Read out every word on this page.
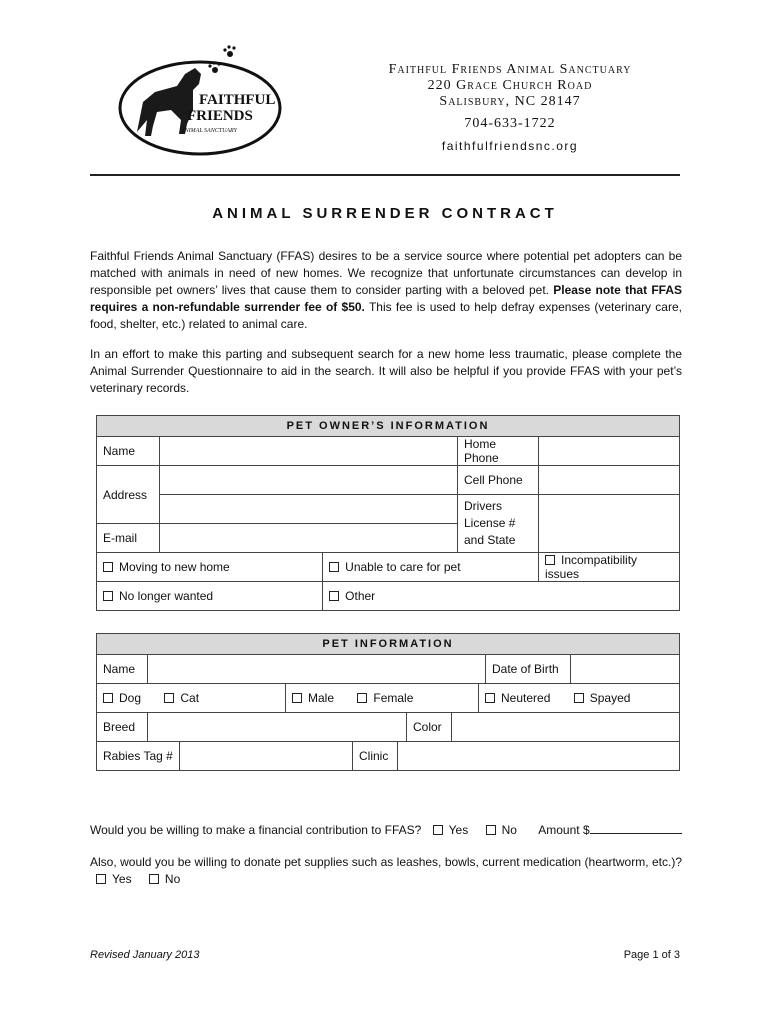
FAITHFUL
FRIENDS
ANIMAL SANCTUARY
Faithful Friends Animal Sanctuary
220 Grace Church Road
Salisbury, NC 28147
704-633-1722
faithfulfriendsnc.org
ANIMAL SURRENDER CONTRACT
Faithful Friends Animal Sanctuary (FFAS) desires to be a service source where potential pet adopters can be matched with animals in need of new homes. We recognize that unfortunate circumstances can develop in responsible pet owners’ lives that cause them to consider parting with a beloved pet. Please note that FFAS requires a non-refundable surrender fee of $50. This fee is used to help defray expenses (veterinary care, food, shelter, etc.) related to animal care.
In an effort to make this parting and subsequent search for a new home less traumatic, please complete the Animal Surrender Questionnaire to aid in the search. It will also be helpful if you provide FFAS with your pet’s veterinary records.
PET OWNER’S INFORMATION				
Name			Home Phone	
Address			Cell Phone	
			Drivers License # and State	
E-mail				
Moving to new home		Unable to care for pet		Incompatibility issues
No longer wanted		Other		
PET INFORMATION
Name		Date of Birth	
Dog	Cat	Male	Female	Neutered	Spayed
Breed		Color	
Rabies Tag #		Clinic	
Would you be willing to make a financial contribution to FFAS? Yes	No Amount $
Also, would you be willing to donate pet supplies such as leashes, bowls, current medication (heartworm, etc.)? Yes	No
Revised January 2013	Page 1 of 3
